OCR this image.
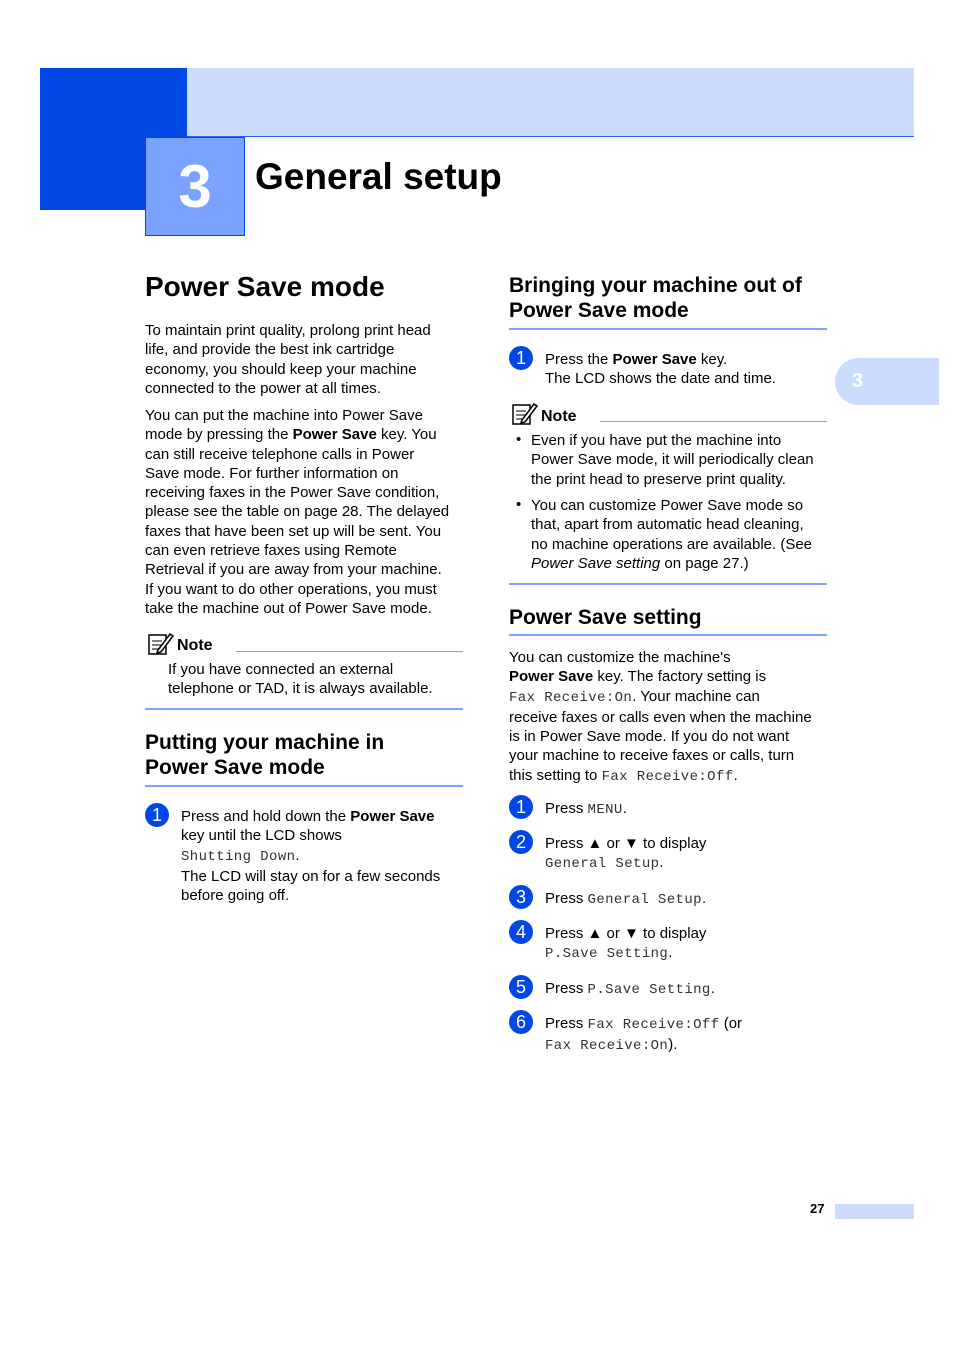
3	General setup
3
Power Save mode
To maintain print quality, prolong print head
life, and provide the best ink cartridge
economy, you should keep your machine
connected to the power at all times.
You can put the machine into Power Save
mode by pressing the Power Save key. You
can still receive telephone calls in Power
Save mode. For further information on
receiving faxes in the Power Save condition,
please see the table on page 28. The delayed
faxes that have been set up will be sent. You
can even retrieve faxes using Remote
Retrieval if you are away from your machine.
If you want to do other operations, you must
take the machine out of Power Save mode.
Note
If you have connected an external
telephone or TAD, it is always available.
Putting your machine in
Power Save mode
1	Press and hold down the Power Save
key until the LCD shows
Shutting Down.
The LCD will stay on for a few seconds
before going off.
Bringing your machine out of
Power Save mode
1	Press the Power Save key.
The LCD shows the date and time.
Note
• Even if you have put the machine into
Power Save mode, it will periodically clean
the print head to preserve print quality.
• You can customize Power Save mode so
that, apart from automatic head cleaning,
no machine operations are available. (See
Power Save setting on page 27.)
Power Save setting
You can customize the machine's
Power Save key. The factory setting is
Fax Receive:On. Your machine can
receive faxes or calls even when the machine
is in Power Save mode. If you do not want
your machine to receive faxes or calls, turn
this setting to Fax Receive:Off.
1	Press MENU.
2	Press ▲ or ▼ to display
General Setup.
3	Press General Setup.
4	Press ▲ or ▼ to display
P.Save Setting.
5	Press P.Save Setting.
6	Press Fax Receive:Off (or
Fax Receive:On).
27
